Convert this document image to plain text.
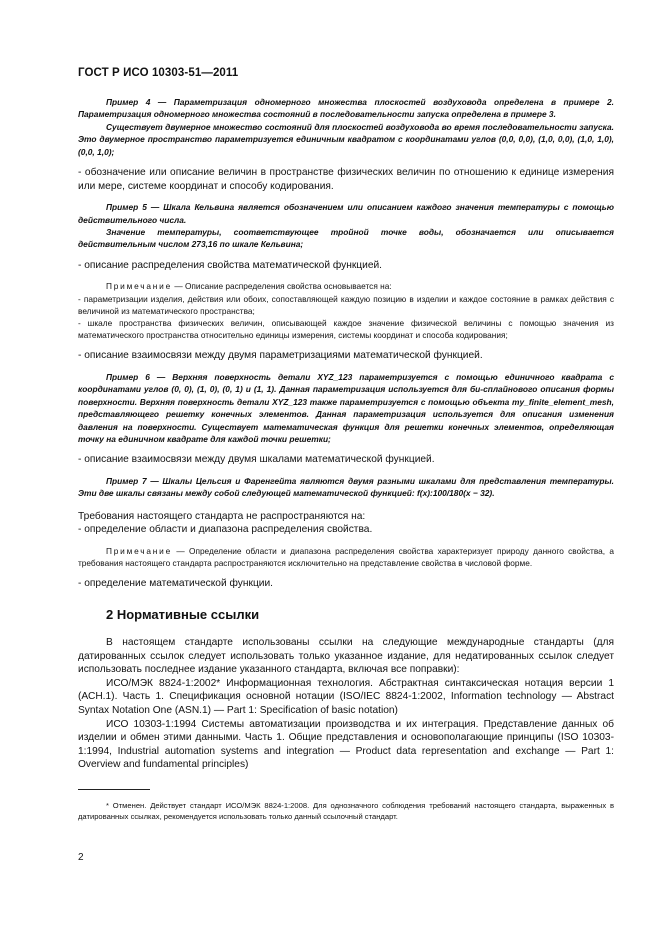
ГОСТ Р ИСО 10303-51—2011

Пример 4 — Параметризация одномерного множества плоскостей воздуховода определена в примере 2. Параметризация одномерного множества состояний в последовательности запуска определена в примере 3.

Существует двумерное множество состояний для плоскостей воздуховода во время последовательности запуска. Это двумерное пространство параметризуется единичным квадратом с координатами углов (0,0, 0,0), (1,0, 0,0), (1,0, 1,0), (0,0, 1,0);

- обозначение или описание величин в пространстве физических величин по отношению к единице измерения или мере, системе координат и способу кодирования.

Пример 5 — Шкала Кельвина является обозначением или описанием каждого значения температуры с помощью действительного числа.

Значение температуры, соответствующее тройной точке воды, обозначается или описывается действительным числом 273,16 по шкале Кельвина;

- описание распределения свойства математической функцией.

Примечание — Описание распределения свойства основывается на:

- параметризации изделия, действия или обоих, сопоставляющей каждую позицию в изделии и каждое состояние в рамках действия с величиной из математического пространства;

- шкале пространства физических величин, описывающей каждое значение физической величины с помощью значения из математического пространства относительно единицы измерения, системы координат и способа кодирования;

- описание взаимосвязи между двумя параметризациями математической функцией.

Пример 6 — Верхняя поверхность детали XYZ_123 параметризуется с помощью единичного квадрата с координатами углов (0, 0), (1, 0), (0, 1) и (1, 1). Данная параметризация используется для би-сплайнового описания формы поверхности. Верхняя поверхность детали XYZ_123 также параметризуется с помощью объекта my_finite_element_mesh, представляющего решетку конечных элементов. Данная параметризация используется для описания изменения давления на поверхности. Существует математическая функция для решетки конечных элементов, определяющая точку на единичном квадрате для каждой точки решетки;

- описание взаимосвязи между двумя шкалами математической функцией.

Пример 7 — Шкалы Цельсия и Фаренгейта являются двумя разными шкалами для представления температуры. Эти две шкалы связаны между собой следующей математической функцией: f(x):100/180(x − 32).

Требования настоящего стандарта не распространяются на:

- определение области и диапазона распределения свойства.

Примечание — Определение области и диапазона распределения свойства характеризует природу данного свойства, а требования настоящего стандарта распространяются исключительно на представление свойства в числовой форме.

- определение математической функции.

2 Нормативные ссылки

В настоящем стандарте использованы ссылки на следующие международные стандарты (для датированных ссылок следует использовать только указанное издание, для недатированных ссылок следует использовать последнее издание указанного стандарта, включая все поправки):

ИСО/МЭК 8824-1:2002* Информационная технология. Абстрактная синтаксическая нотация версии 1 (АСН.1). Часть 1. Спецификация основной нотации (ISO/IEC 8824-1:2002, Information technology — Abstract Syntax Notation One (ASN.1) — Part 1: Specification of basic notation)

ИСО 10303-1:1994 Системы автоматизации производства и их интеграция. Представление данных об изделии и обмен этими данными. Часть 1. Общие представления и основополагающие принципы (ISO 10303-1:1994, Industrial automation systems and integration — Product data representation and exchange — Part 1: Overview and fundamental principles)

* Отменен. Действует стандарт ИСО/МЭК 8824-1:2008. Для однозначного соблюдения требований настоящего стандарта, выраженных в датированных ссылках, рекомендуется использовать только данный ссылочный стандарт.

2
